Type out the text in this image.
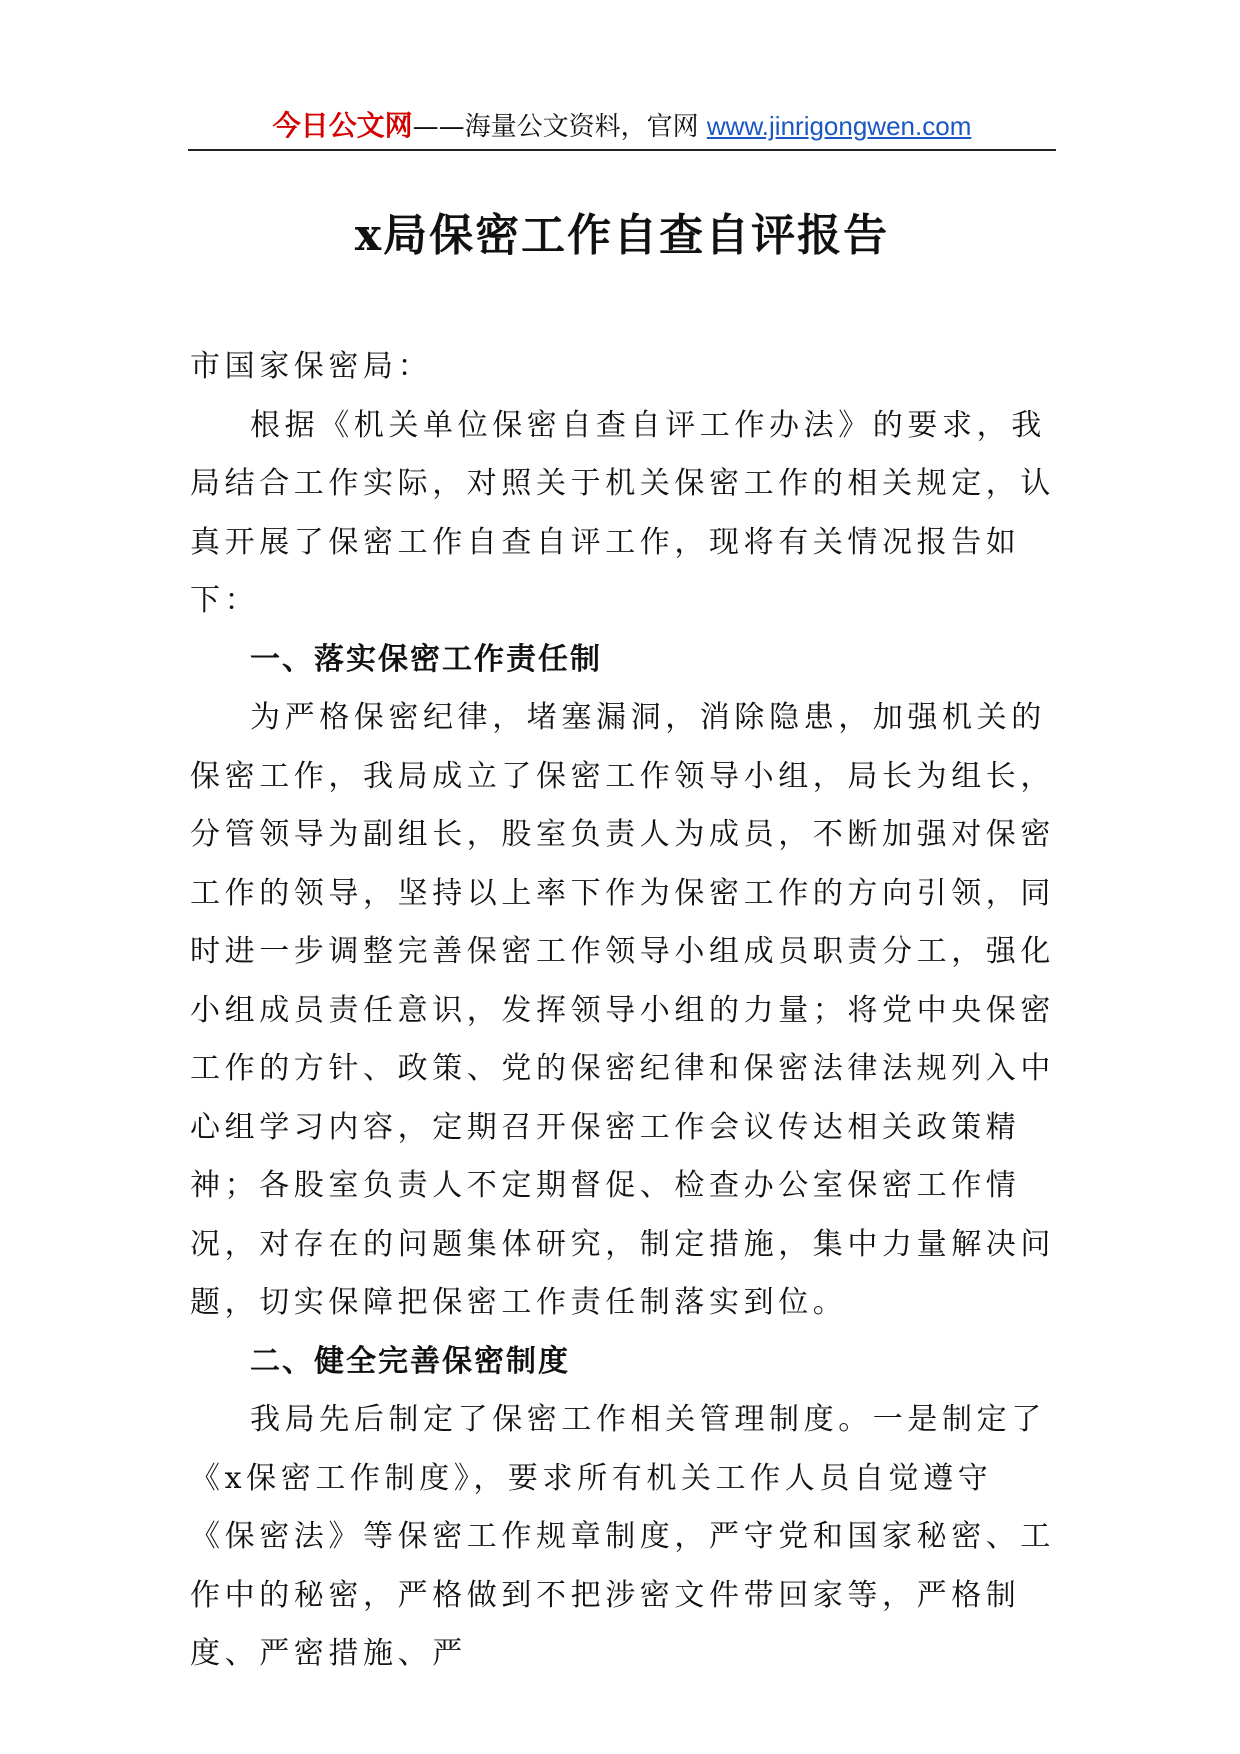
今日公文网——海量公文资料，官网 www.jinrigongwen.com
x局保密工作自查自评报告

市国家保密局：

根据《机关单位保密自查自评工作办法》的要求，我局结合工作实际，对照关于机关保密工作的相关规定，认真开展了保密工作自查自评工作，现将有关情况报告如下：

一、落实保密工作责任制

为严格保密纪律，堵塞漏洞，消除隐患，加强机关的保密工作，我局成立了保密工作领导小组，局长为组长，分管领导为副组长，股室负责人为成员，不断加强对保密工作的领导，坚持以上率下作为保密工作的方向引领，同时进一步调整完善保密工作领导小组成员职责分工，强化小组成员责任意识，发挥领导小组的力量；将党中央保密工作的方针、政策、党的保密纪律和保密法律法规列入中心组学习内容，定期召开保密工作会议传达相关政策精神；各股室负责人不定期督促、检查办公室保密工作情况，对存在的问题集体研究，制定措施，集中力量解决问题，切实保障把保密工作责任制落实到位。

二、健全完善保密制度

我局先后制定了保密工作相关管理制度。一是制定了《x保密工作制度》，要求所有机关工作人员自觉遵守《保密法》等保密工作规章制度，严守党和国家秘密、工作中的秘密，严格做到不把涉密文件带回家等，严格制度、严密措施、严
